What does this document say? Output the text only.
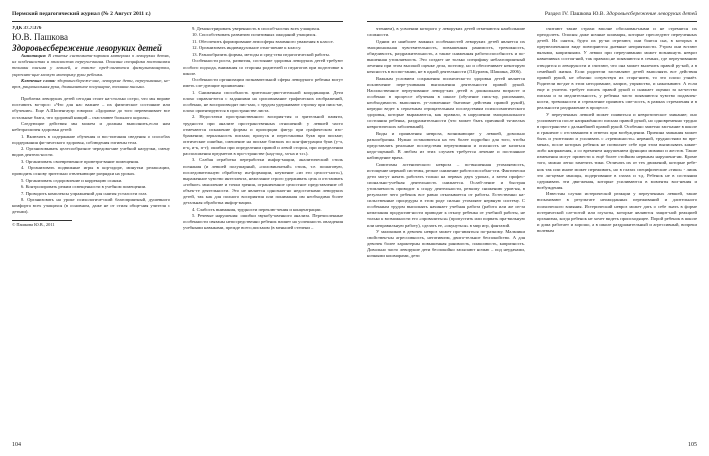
Пермский педагогический журнал (№ 2 Август 2011 г.)

УДК 37.7:376

Ю.В. Пашкова

Здоровьесбережение леворуких детей

Аннотация: В статье системати-зирован материал о леворуких детях, их особенностях и опасностях переучи-вания. Описана специфика постановки техники письма у левшей, а также пред-лагаются физкультминутки, укрепляю-щие мелкую моторику руки ребенка.

Ключевые слова: здоровьесбереже-ние, леворукие дети, переучивание, не-вроз, рациональная рука, доминантное полушарие, техника письма.

Проблема леворуких детей сегодня стоит на-столько остро, что мы вправе поставить во-прос: «Что для нас важнее – их физическое состояние или обучение». Еще А.Шопенгауэр говорил: «Здоровье до того перевешивает все остальные блага, что здоровый нищий – счастливее больного короля».

Следующие действия мы можем и должны выполнить,если нам небезразличен здоровья детей:

1. Включать в содержание обучения и вос-питания сведения о способах поддержания фи-зического здоровья, соблюдения гигиены тела.

2. Организовывать целесообразное чередова-ние учебной нагрузки, смену видов деятель-ности.

3. Организовать своевременное проветри-вание помещения.

4. Организовать подвижные игры в кор-идоре, минутки релаксации, проводить основу зрительно отвлекающие разрядки на уроках.

5. Организовать оздоровление и коррекцию осанки.

6. Контролировать режим освещенности в учебном помещении.

7. Проводить комплексы упражнений для снятия усталости глаз.

8. Организовать на уроке психологиче-ский благоприятный, душевного комфорта всех учащихся (в основном, даже не от стиля обще-ния учителя с детьми).

© Пашкова Ю.В., 2011

9. Демонстрировать уверенность в способ-ностях всех учащихся.

10. Способствовать развитию позитивных ожиданий учащихся.

11. Обеспечить формирование атмосферы взаимного уважения в классе.

12. Организовать индивидуальное отно-шение к классу.

13. Разнообразить формы, методы и сред-ства педагогической работы.

Особенности роста, развития, состояние здоровья леворуких детей требуют особого подхода, внимания со стороны родителей и педагогов при подготовке к школе.

Особенности организации познавательной сферы леворукого ребенка могут иметь сле-дующие проявления:

1. Сниженная способность зрительно-дви-гательной координации. Дети плохо справля-ются с заданиями на срисовывание графических изображений, особенно, не воспроизводят пис-ьмо, с трудом удерживают строчку при пись-ме, плохо ориентируются в пространстве листа.

2. Недостатки пространственного восприя-тия и зрительной памяти, трудности при анализе пространственных отношений: у левшей часто отмечаются искажение формы и пропорции фигур при графическом изо-бражении; зеркальность письма; пропуск и перестановка букв при письме; оптические ошибки, смешение на письме близких по кон-фигурации букв (у-ч, и-ц, и-к, п-т); ошибки при определении правой и левой сторон, при определении расположения предметов в про-странстве (над-под, за-на и т.п.).

3. Слабая отработка переработки инфор-мации, аналитический стиль познания (и левшей полушарный, «половинчатый» стиль, т.е. пошаговую, последовательную обработку ин-формации, неумение «из его целост-ного»), выраженное чувство интеллекта, нежелание строго удерживать цель и отстаивать «гибкое» мышление и точки зрения, ограниченное целостное представление об объек-те деятельности. Это не является однознач-но недостатками леворуких детей, так как для полного восприятия или понимания им необходима более детальная обработка инфор-мации.

4. Слабость внимания, трудности переклю-чения и концентрации.

5. Речевые нарушения: ошибки звукобу-квенного анализа. Перечисленные особенности связаны непосредственно ребенок влияет на успешность овладения учебными навыками, прежде всего,письмом (в меньшей степени –

104
Раздел IV. Пашкова Ю.В. Здоровьесбережение леворуких детей

чтением), в усвоении которого у леворуких детей отмечаются наибольшие сложности.

Одним из наиболее важных особенностей леворуких детей является их эмоциональная чувствительность, повышенная ранимость, тревожность, обидчивость, раздражительность, а также сниженная работоспособность и по-вышенная утомляемость. Это создает не только специфику неблагоприятный лечения при этом высокой оценке дела, поэтому, но и обеспечивает некоторую неясность в воспи-тании, не в одной деятельности (Л.Бурлюк, Шашина, 2006).

Важным условием сохранения психическо-го здоровья детей является исключение пере-учивания выполнения деятельности правой рукой. Насильственное переучивание левору-ких детей в дошкольном возрасте и особенно в процессе обучения в школе (обучение пись-му, рисованию, необходимость выполнять уг-ловленные бытовые действия правой рукой), нередко ведет к серьезным отрицательным последствиям психосоматического здоровья, которые выражаются, как правило, в нарушении эмоционального состояния ребенка, раздражительности (что может быть причиной тя-желых невротических заболеваний).

Виды и проявления невроза, возникающие у левшей, довольно разнообразны. Нужно остановиться на тех более подробно для того, чтобы представлять реальные последствия переучивания и опасность не казаться недо-оценкой. В любом из этих случаев требуется лечение и постоянное наблюдение врача.

Симптомы астенического невроза – по-вышенная утомляемость, истощение нервной системы, резкое снижение работоспособно-сти. Фактически дети могут начать работать только на первых двух уроках, а затем профес-сионально-учебная деятельность снижается. Ослаб-ление и быстрая утомляемость приводит к спаду деятельности, резкому снижению уров-ня, в результате чего ребенок все равно отказывается от работы. Естественно на-сильственные процедуры в этом роде сильно утомляют нервную систему. С особенным трудом выполнять начинает учебная работа (работа или же из-за нежелания продуктив-ности приводят к отказу ребенка от учебной работы, не только к возможности его «провалиться» (пропустить или порвать пра-вильную или неправильную работу), сделать ее, «окунуться» в мир игр, фантазий.

У мальчиков в девочек невроз может про-являться по-разному. Мальчики свойствен-ны агрессивность, негативизм, двига-тельное беспокойство. А для девочек более характерны повышенная ранимость, плаксивость, капризность. Довольно часто леворукие дети беспокойно засыпают ночью – под неудачами, ночными кошмарами, дети

считают такие страхи вполне обоснован-ными и не стремятся их преодолеть. Опасны даже ночные кошмары, которые преследуют переученных детей. Их снятся, будто их ру-ки отрезают, они боятся сна, в которых в преувеличенном виде повторяются дневные неприятности. Утром они встают вялыми, капризными. У левши при переучивании может возникнуть невроз навязчивых состоя-ний, так правило,не появляются в семьях, где переучиванию отводится и леворукости и считают, что она может вылечить правой ру-кой, а в семейной жизни. Если родители заставляют детей выполнять все действия правой рукой, не обычно сочувствуя их стара-нием, то это плохо узнаёт. Родители ви-дят в этом негодование, каприз, упрямство, и наказывают. А если еще и учитель требует писать правой рукой и снижает оценки за ка-чество письма и за медлительность, у ребенка часто появляются чувство подавлен-ности, тревожности и стремление проявить сме-лость, в рамках стремления и в реальности раздражение в процессе.

У переученных левшей может появиться и невротическое заикание; оно усиливается после напряжённого письма правой рукой, но одновременно трудно в пространстве с дальнейшей правой рукой. Особенно заметно заи-кание в школе и граничит с отставанием в ответах при возбуждении. Причина заикания может быть и учителями и усиливать с «тревожность» нервной, трудностями во вре-менах, после которых ребенок не позволяет себе при этом выписывать какие-либо напряжения, а со временем нарушением функции мимики и жестов. Такие изменения могут привести к ещё более стойким нервным нарушени-ям. Кроме того, можно легко заметить тики. Отличать их от тех движений, которые ребе-нок так или иначе может переживать, но в глазах специфические «тики» - лишь это ли-цевые мышцы, подергивание в глазах и т.д. Ребенок не в состоянии сдерживать эти дви-жения, которые усиливаются в моменты вол-нения и возбуждения.

Известны случаи истерической реакции у переученных левшей, такие вспыхивают в результате неожиданных переживаний и длительного психического влияния. Истерический невроз может дать о себе знать в форме истерической сле-потой или глухоты, которые являются защит-ной реакцией организма, когда ребенок не хочет видеть происходящее. Порой ребенок в школе и дома работает и хорошо, а в школе раздражительный и агрессивный, вопреки волевым

105
